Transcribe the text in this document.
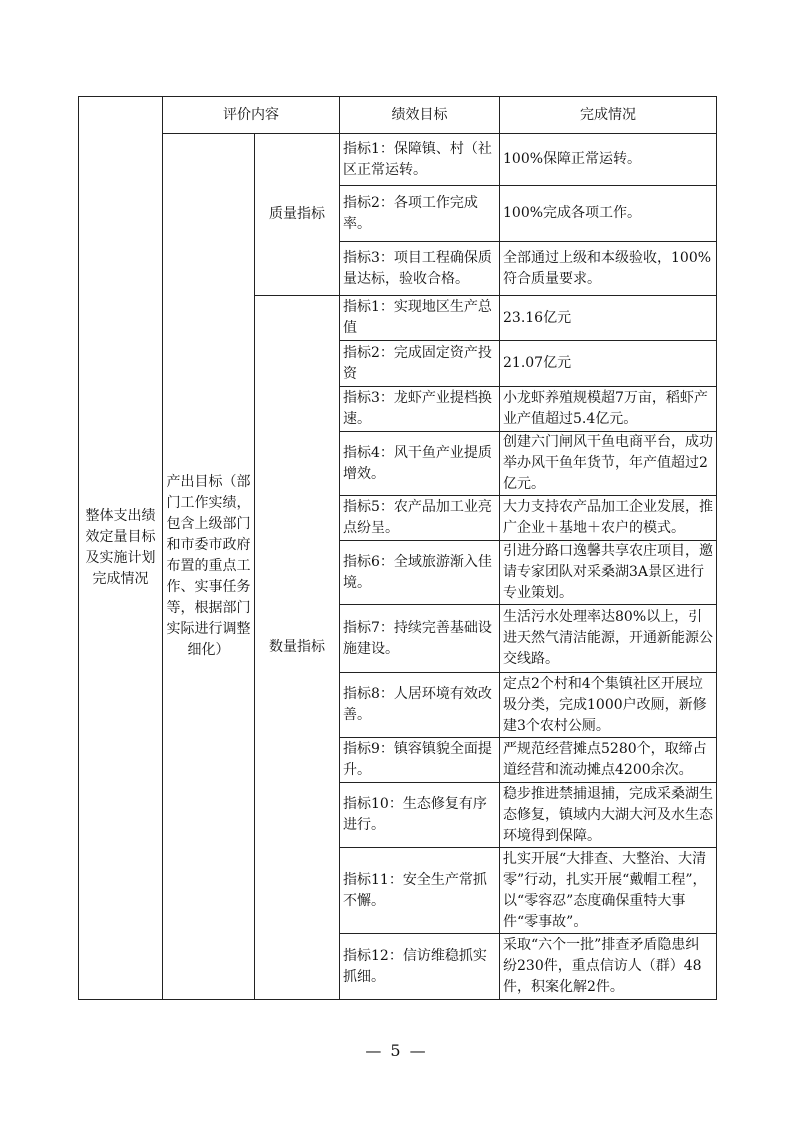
整体支出绩效定量目标及实施计划完成情况	评价内容		绩效目标	完成情况
	产出目标（部门工作实绩，包含上级部门和市委市政府布置的重点工作、实事任务等，根据部门实际进行调整细化）	质量指标	指标1：保障镇、村（社区正常运转。	100%保障正常运转。
			指标2：各项工作完成率。	100%完成各项工作。
			指标3：项目工程确保质量达标，验收合格。	全部通过上级和本级验收，100%符合质量要求。
		数量指标	指标1：实现地区生产总值	23.16亿元
			指标2：完成固定资产投资	21.07亿元
			指标3：龙虾产业提档换速。	小龙虾养殖规模超7万亩，稻虾产业产值超过5.4亿元。
			指标4：风干鱼产业提质增效。	创建六门闸风干鱼电商平台，成功举办风干鱼年货节，年产值超过2亿元。
			指标5：农产品加工业亮点纷呈。	大力支持农产品加工企业发展，推广企业＋基地＋农户的模式。
			指标6：全域旅游渐入佳境。	引进分路口逸馨共享农庄项目，邀请专家团队对采桑湖3A景区进行专业策划。
			指标7：持续完善基础设施建设。	生活污水处理率达80%以上，引进天然气清洁能源，开通新能源公交线路。
			指标8：人居环境有效改善。	定点2个村和4个集镇社区开展垃圾分类，完成1000户改厕，新修建3个农村公厕。
			指标9：镇容镇貌全面提升。	严规范经营摊点5280个，取缔占道经营和流动摊点4200余次。
			指标10：生态修复有序进行。	稳步推进禁捕退捕，完成采桑湖生态修复，镇域内大湖大河及水生态环境得到保障。
			指标11：安全生产常抓不懈。	扎实开展“大排查、大整治、大清零”行动，扎实开展“戴帽工程”，以“零容忍”态度确保重特大事件“零事故”。
			指标12：信访维稳抓实抓细。	采取“六个一批”排查矛盾隐患纠纷230件，重点信访人（群）48件，积案化解2件。
— 5 —
